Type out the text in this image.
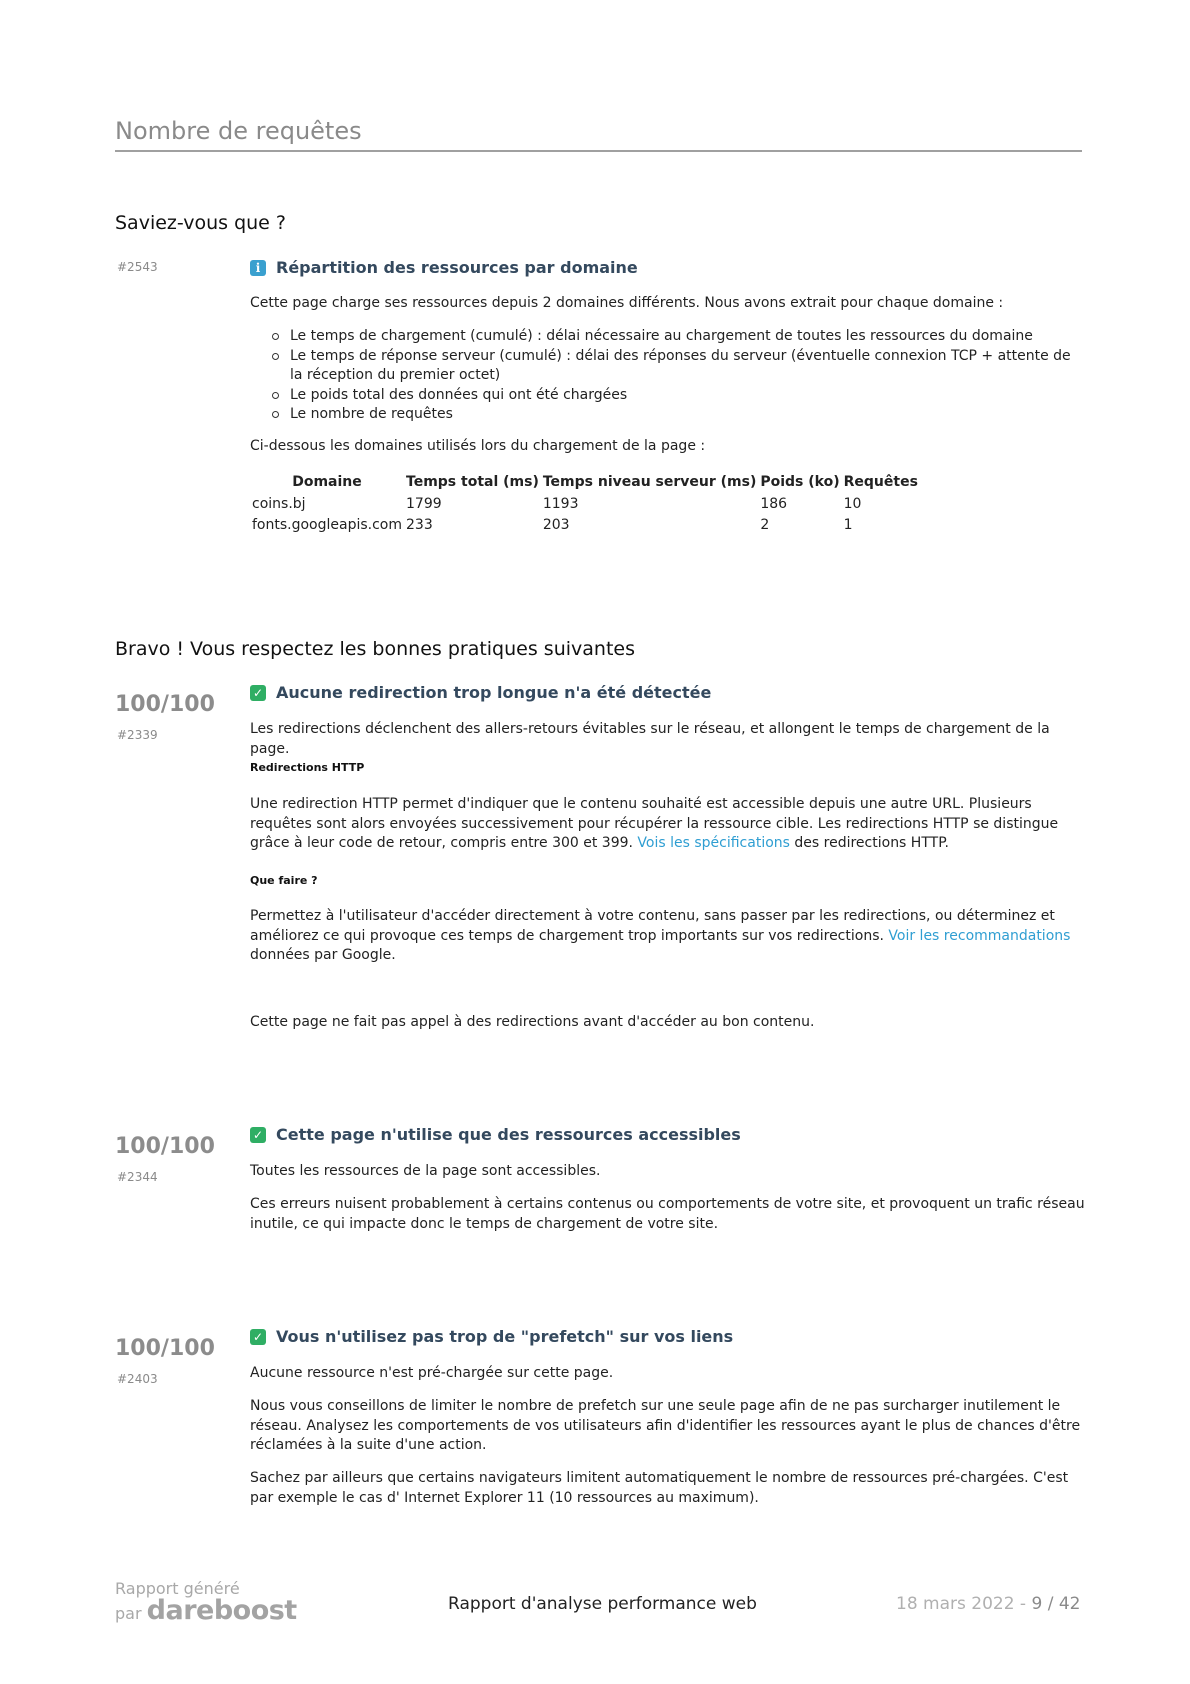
Nombre de requêtes
Saviez-vous que ?
#2543	i Répartition des ressources par domaine
Cette page charge ses ressources depuis 2 domaines différents. Nous avons extrait pour chaque domaine :
Le temps de chargement (cumulé) : délai nécessaire au chargement de toutes les ressources du domaine
Le temps de réponse serveur (cumulé) : délai des réponses du serveur (éventuelle connexion TCP + attente de la réception du premier octet)
Le poids total des données qui ont été chargées
Le nombre de requêtes
Ci-dessous les domaines utilisés lors du chargement de la page :
Domaine	Temps total (ms)	Temps niveau serveur (ms)	Poids (ko)	Requêtes
coins.bj	1799	1193	186	10
fonts.googleapis.com	233	203	2	1
Bravo ! Vous respectez les bonnes pratiques suivantes
100/100
#2339
✓ Aucune redirection trop longue n'a été détectée
Les redirections déclenchent des allers-retours évitables sur le réseau, et allongent le temps de chargement de la page.
Redirections HTTP
Une redirection HTTP permet d'indiquer que le contenu souhaité est accessible depuis une autre URL. Plusieurs requêtes sont alors envoyées successivement pour récupérer la ressource cible. Les redirections HTTP se distingue grâce à leur code de retour, compris entre 300 et 399. Vois les spécifications des redirections HTTP.
Que faire ?
Permettez à l'utilisateur d'accéder directement à votre contenu, sans passer par les redirections, ou déterminez et améliorez ce qui provoque ces temps de chargement trop importants sur vos redirections. Voir les recommandations données par Google.
Cette page ne fait pas appel à des redirections avant d'accéder au bon contenu.
100/100
#2344
✓ Cette page n'utilise que des ressources accessibles
Toutes les ressources de la page sont accessibles.
Ces erreurs nuisent probablement à certains contenus ou comportements de votre site, et provoquent un trafic réseau inutile, ce qui impacte donc le temps de chargement de votre site.
100/100
#2403
✓ Vous n'utilisez pas trop de "prefetch" sur vos liens
Aucune ressource n'est pré-chargée sur cette page.
Nous vous conseillons de limiter le nombre de prefetch sur une seule page afin de ne pas surcharger inutilement le réseau. Analysez les comportements de vos utilisateurs afin d'identifier les ressources ayant le plus de chances d'être réclamées à la suite d'une action.
Sachez par ailleurs que certains navigateurs limitent automatiquement le nombre de ressources pré-chargées. C'est par exemple le cas d' Internet Explorer 11 (10 ressources au maximum).
Rapport généré
par dareboost	Rapport d'analyse performance web	18 mars 2022 - 9 / 42
